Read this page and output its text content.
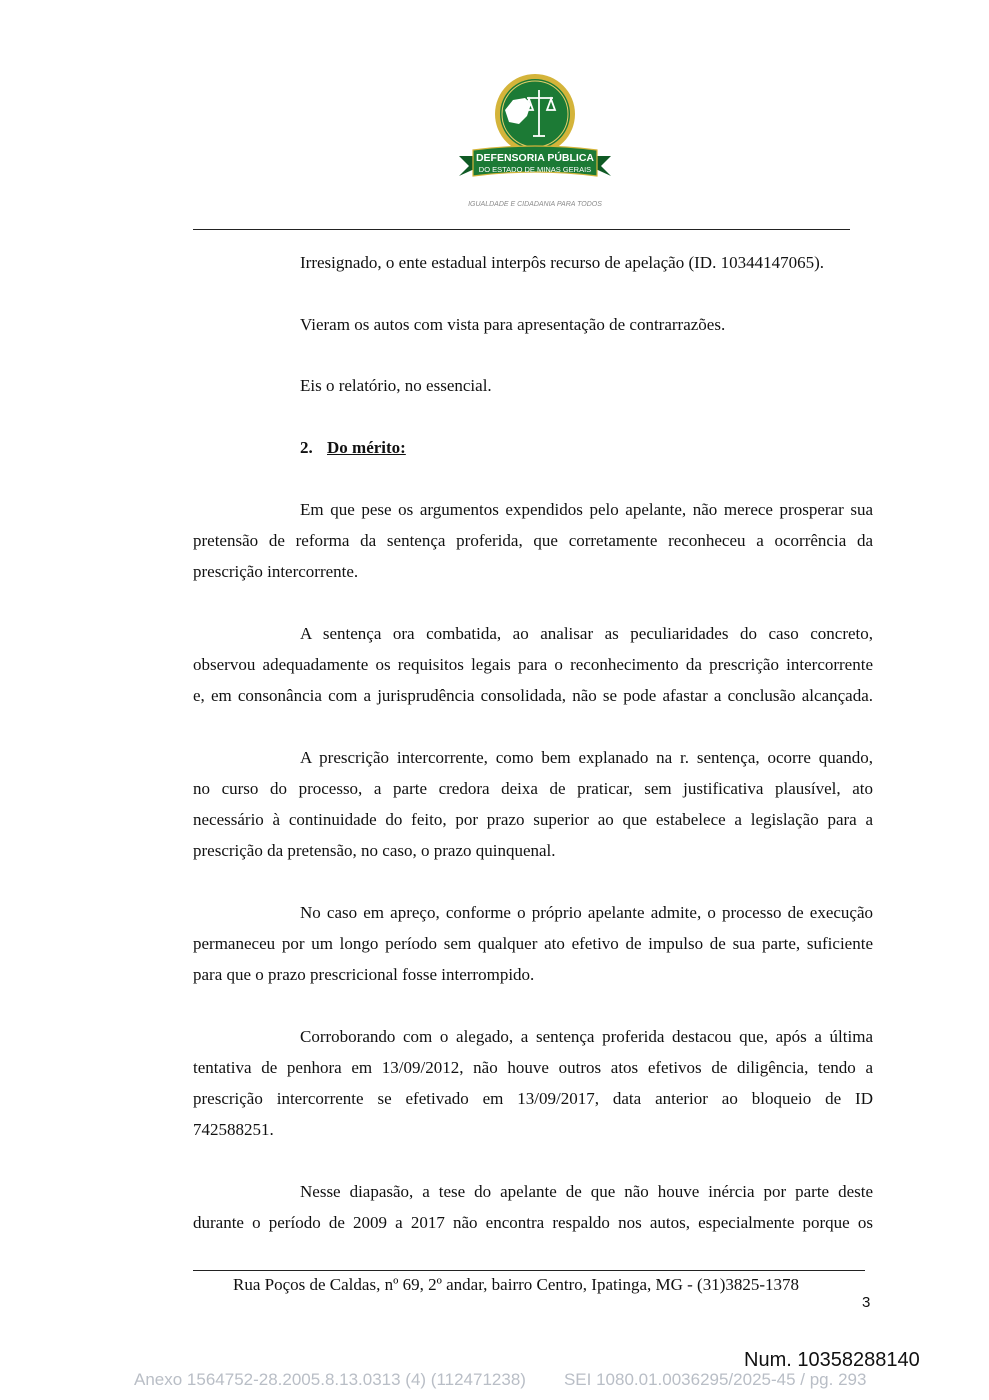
DEFENSORIA PÚBLICA
DO ESTADO DE MINAS GERAIS
IGUALDADE E CIDADANIA PARA TODOS
Irresignado, o ente estadual interpôs recurso de apelação (ID. 10344147065).
Vieram os autos com vista para apresentação de contrarrazões.
Eis o relatório, no essencial.
2. Do mérito:
Em que pese os argumentos expendidos pelo apelante, não merece prosperar sua
pretensão de reforma da sentença proferida, que corretamente reconheceu a ocorrência da
prescrição intercorrente.
A sentença ora combatida, ao analisar as peculiaridades do caso concreto,
observou adequadamente os requisitos legais para o reconhecimento da prescrição intercorrente
e, em consonância com a jurisprudência consolidada, não se pode afastar a conclusão alcançada.
A prescrição intercorrente, como bem explanado na r. sentença, ocorre quando,
no curso do processo, a parte credora deixa de praticar, sem justificativa plausível, ato
necessário à continuidade do feito, por prazo superior ao que estabelece a legislação para a
prescrição da pretensão, no caso, o prazo quinquenal.
No caso em apreço, conforme o próprio apelante admite, o processo de execução
permaneceu por um longo período sem qualquer ato efetivo de impulso de sua parte, suficiente
para que o prazo prescricional fosse interrompido.
Corroborando com o alegado, a sentença proferida destacou que, após a última
tentativa de penhora em 13/09/2012, não houve outros atos efetivos de diligência, tendo a
prescrição intercorrente se efetivado em 13/09/2017, data anterior ao bloqueio de ID
742588251.
Nesse diapasão, a tese do apelante de que não houve inércia por parte deste
durante o período de 2009 a 2017 não encontra respaldo nos autos, especialmente porque os
Rua Poços de Caldas, nº 69, 2º andar, bairro Centro, Ipatinga, MG - (31)3825-1378
3
Num. 10358288140
Anexo 1564752-28.2005.8.13.0313 (4) (112471238) SEI 1080.01.0036295/2025-45 / pg. 293
